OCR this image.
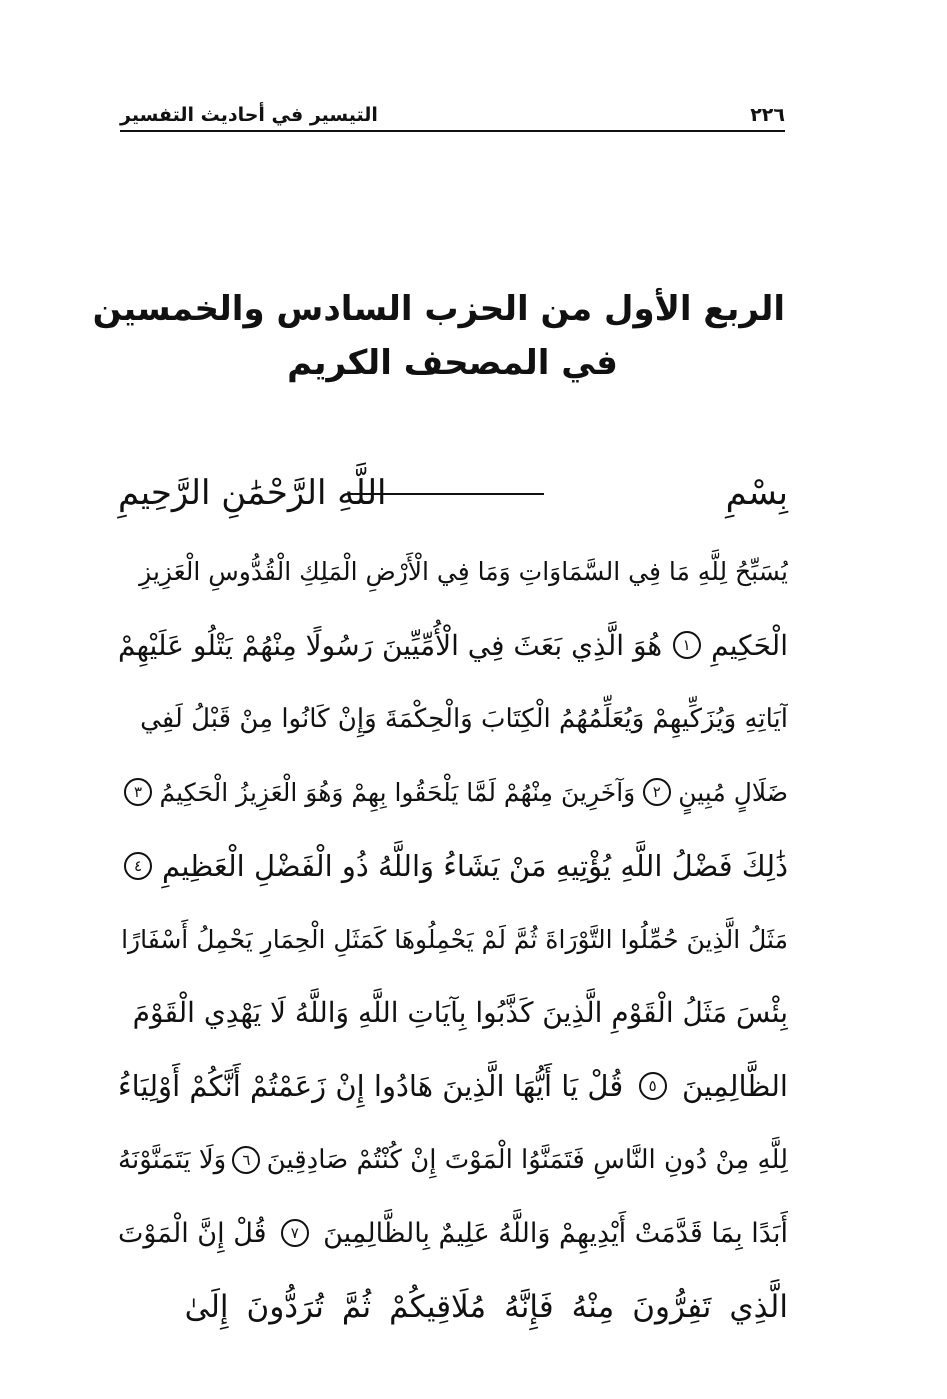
٢٢٦
التيسير في أحاديث التفسير
الربع الأول من الحزب السادس والخمسين
في المصحف الكريم
بِسْمِ
اللَّهِ الرَّحْمَٰنِ الرَّحِيمِ
يُسَبِّحُ لِلَّهِ مَا فِي السَّمَاوَاتِ وَمَا فِي الْأَرْضِ الْمَلِكِ الْقُدُّوسِ الْعَزِيزِ
الْحَكِيمِ
١
هُوَ الَّذِي بَعَثَ فِي الْأُمِّيِّينَ رَسُولًا مِنْهُمْ يَتْلُو عَلَيْهِمْ
آيَاتِهِ وَيُزَكِّيهِمْ وَيُعَلِّمُهُمُ الْكِتَابَ وَالْحِكْمَةَ وَإِنْ كَانُوا مِنْ قَبْلُ لَفِي
ضَلَالٍ مُبِينٍ
٢
وَآخَرِينَ مِنْهُمْ لَمَّا يَلْحَقُوا بِهِمْ وَهُوَ الْعَزِيزُ الْحَكِيمُ
٣
ذَٰلِكَ فَضْلُ اللَّهِ يُؤْتِيهِ مَنْ يَشَاءُ وَاللَّهُ ذُو الْفَضْلِ الْعَظِيمِ
٤
مَثَلُ الَّذِينَ حُمِّلُوا التَّوْرَاةَ ثُمَّ لَمْ يَحْمِلُوهَا كَمَثَلِ الْحِمَارِ يَحْمِلُ أَسْفَارًا
بِئْسَ مَثَلُ الْقَوْمِ الَّذِينَ كَذَّبُوا بِآيَاتِ اللَّهِ وَاللَّهُ لَا يَهْدِي الْقَوْمَ
الظَّالِمِينَ
٥
قُلْ يَا أَيُّهَا الَّذِينَ هَادُوا إِنْ زَعَمْتُمْ أَنَّكُمْ أَوْلِيَاءُ
لِلَّهِ مِنْ دُونِ النَّاسِ فَتَمَنَّوُا الْمَوْتَ إِنْ كُنْتُمْ صَادِقِينَ
٦
وَلَا يَتَمَنَّوْنَهُ
أَبَدًا بِمَا قَدَّمَتْ أَيْدِيهِمْ وَاللَّهُ عَلِيمٌ بِالظَّالِمِينَ
٧
قُلْ إِنَّ الْمَوْتَ
الَّذِي
تَفِرُّونَ
مِنْهُ
فَإِنَّهُ
مُلَاقِيكُمْ
ثُمَّ
تُرَدُّونَ
إِلَىٰ
